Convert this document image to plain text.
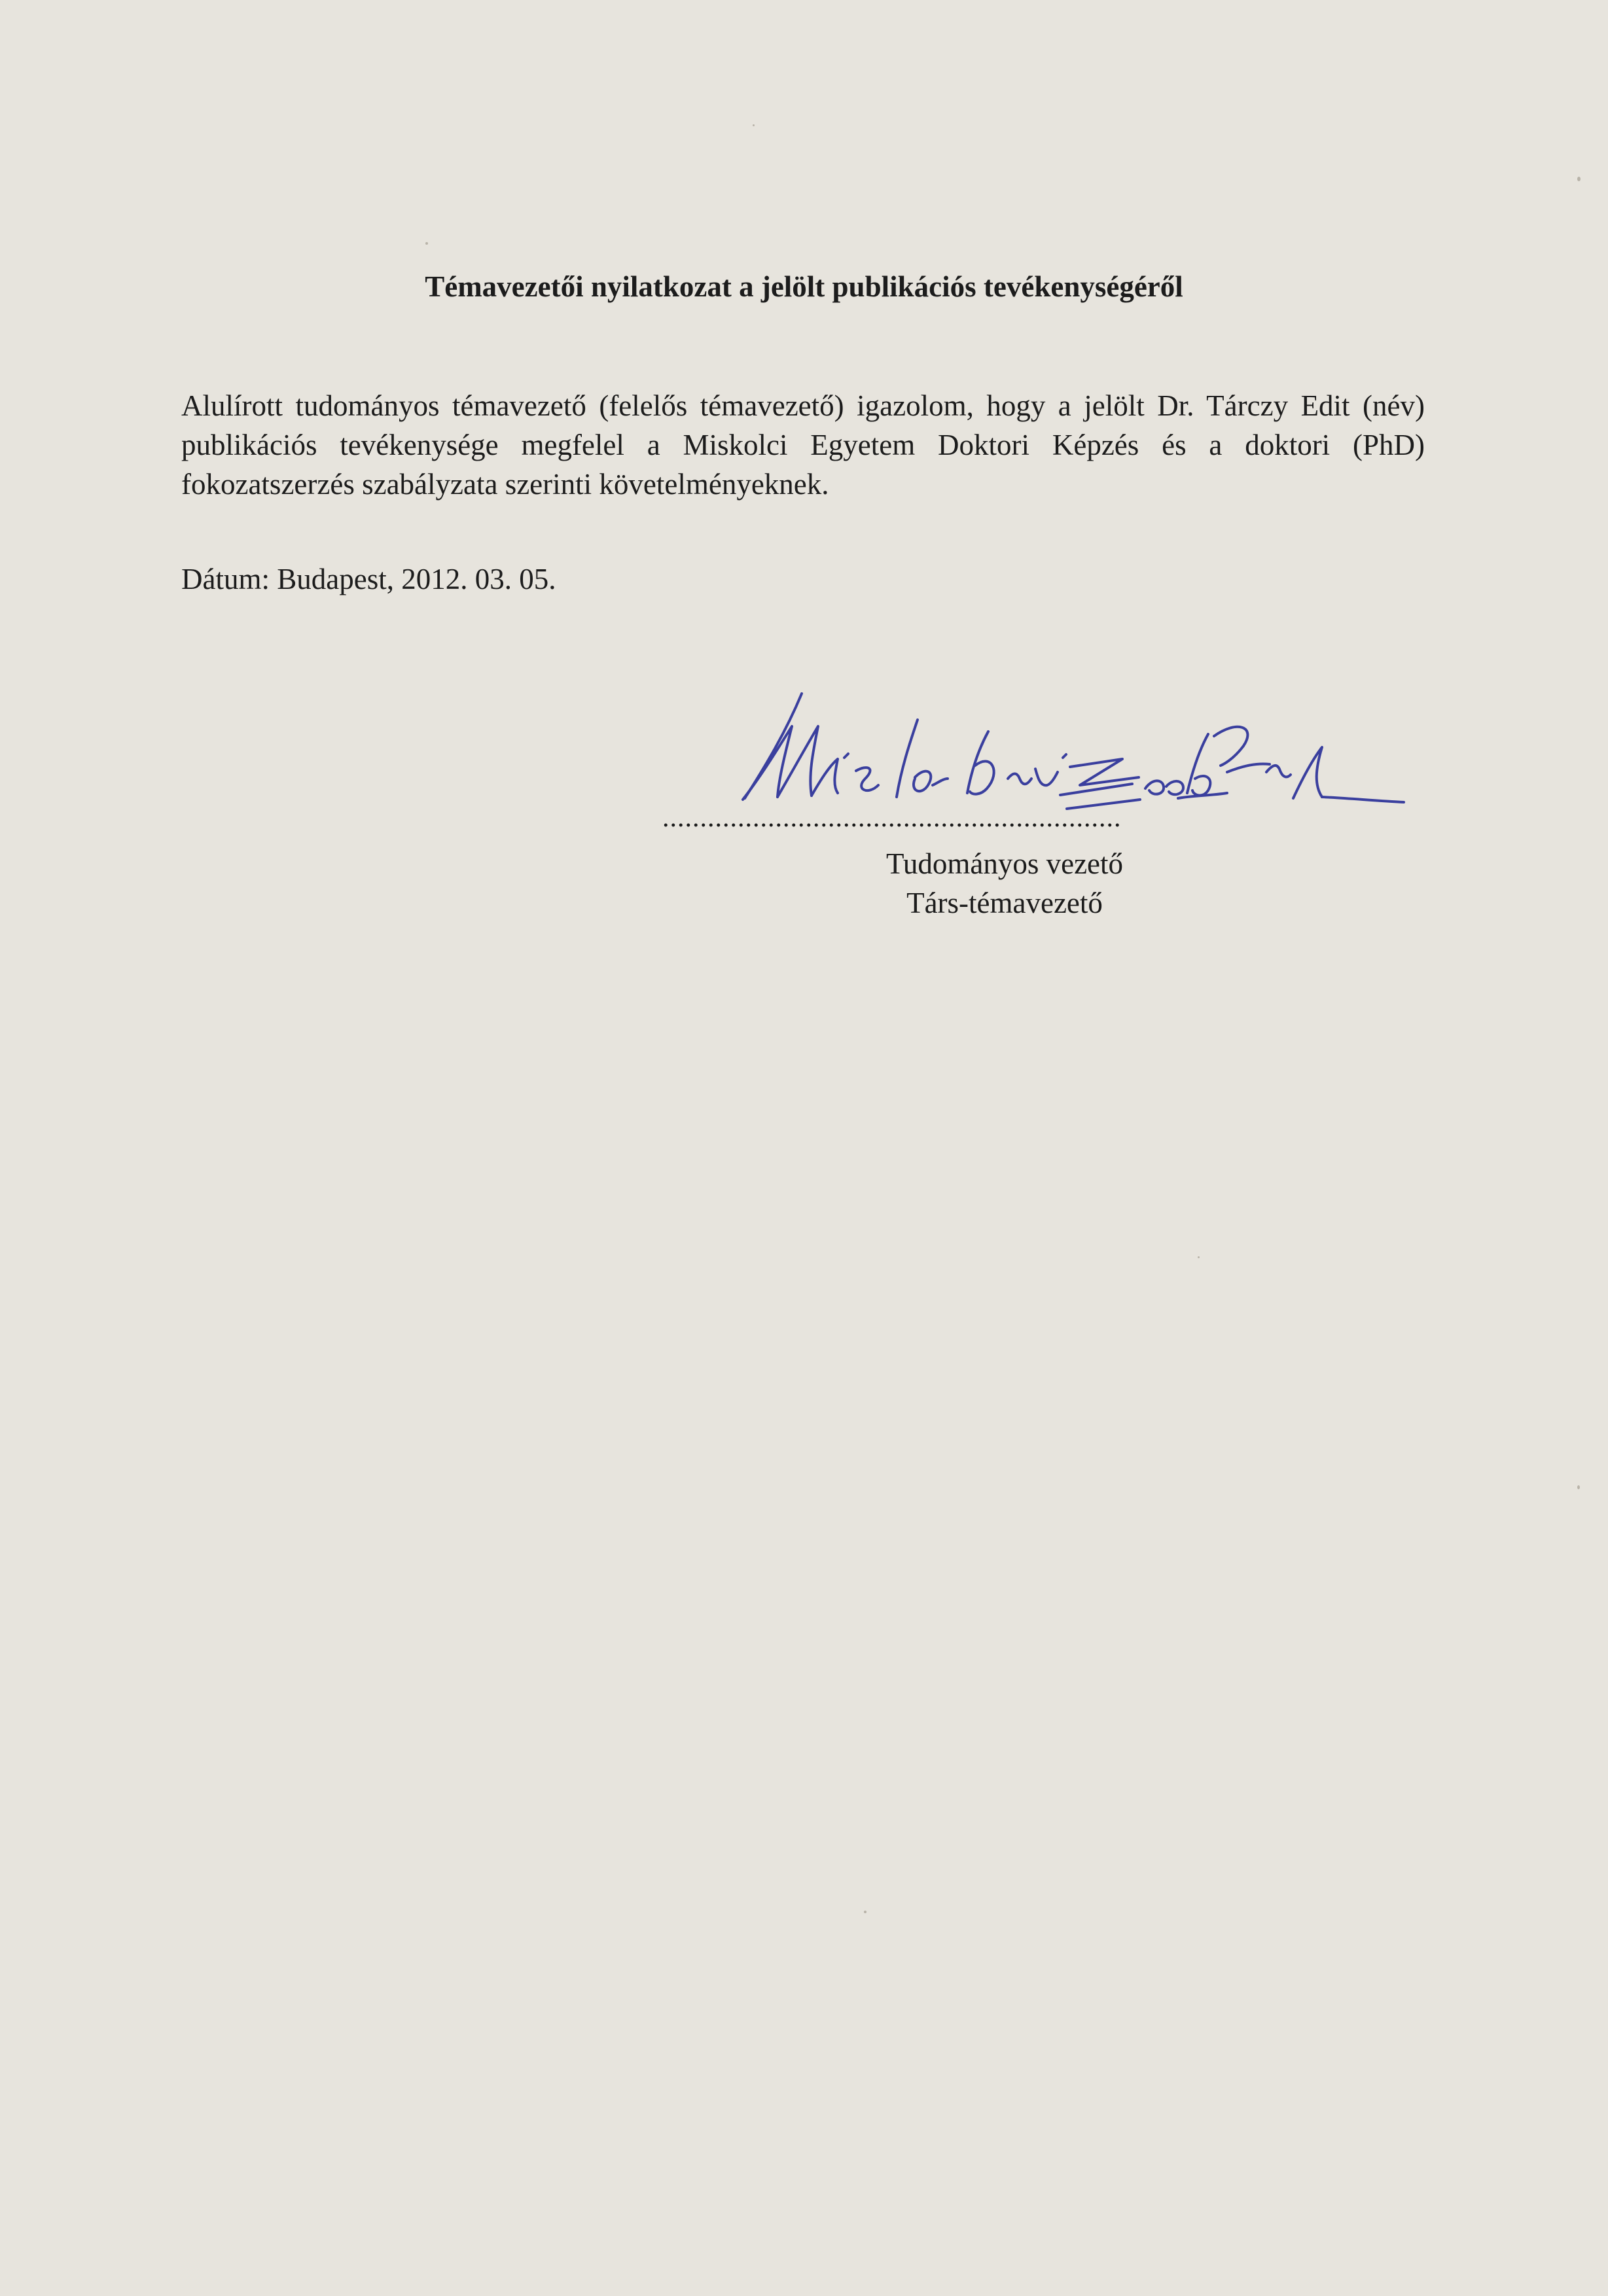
Témavezetői nyilatkozat a jelölt publikációs tevékenységéről

Alulírott tudományos témavezető (felelős témavezető) igazolom, hogy a jelölt Dr. Tárczy Edit (név) publikációs tevékenysége megfelel a Miskolci Egyetem Doktori Képzés és a doktori (PhD) fokozatszerzés szabályzata szerinti követelményeknek.

Dátum: Budapest, 2012. 03. 05.

.............................................................

Tudományos vezető

Társ-témavezető
